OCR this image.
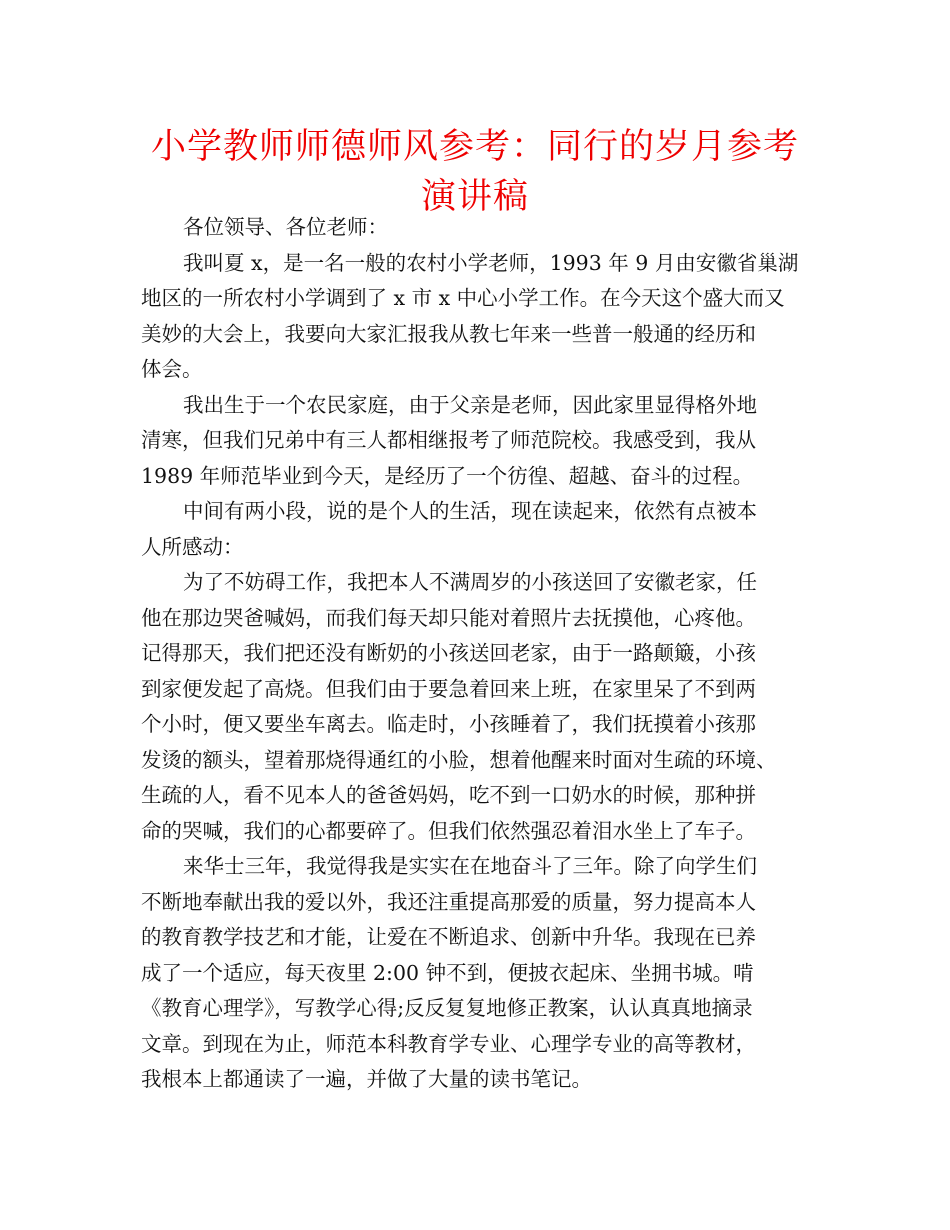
小学教师师德师风参考：同行的岁月参考
演讲稿
各位领导、各位老师：
我叫夏 x，是一名一般的农村小学老师，1993 年 9 月由安徽省巢湖
地区的一所农村小学调到了 x 市 x 中心小学工作。在今天这个盛大而又
美妙的大会上，我要向大家汇报我从教七年来一些普一般通的经历和
体会。
我出生于一个农民家庭，由于父亲是老师，因此家里显得格外地
清寒，但我们兄弟中有三人都相继报考了师范院校。我感受到，我从
1989 年师范毕业到今天，是经历了一个彷徨、超越、奋斗的过程。
中间有两小段，说的是个人的生活，现在读起来，依然有点被本
人所感动：
为了不妨碍工作，我把本人不满周岁的小孩送回了安徽老家，任
他在那边哭爸喊妈，而我们每天却只能对着照片去抚摸他，心疼他。
记得那天，我们把还没有断奶的小孩送回老家，由于一路颠簸，小孩
到家便发起了高烧。但我们由于要急着回来上班，在家里呆了不到两
个小时，便又要坐车离去。临走时，小孩睡着了，我们抚摸着小孩那
发烫的额头，望着那烧得通红的小脸，想着他醒来时面对生疏的环境、
生疏的人，看不见本人的爸爸妈妈，吃不到一口奶水的时候，那种拼
命的哭喊，我们的心都要碎了。但我们依然强忍着泪水坐上了车子。
来华士三年，我觉得我是实实在在地奋斗了三年。除了向学生们
不断地奉献出我的爱以外，我还注重提高那爱的质量，努力提高本人
的教育教学技艺和才能，让爱在不断追求、创新中升华。我现在已养
成了一个适应，每天夜里 2:00 钟不到，便披衣起床、坐拥书城。啃
《教育心理学》，写教学心得;反反复复地修正教案，认认真真地摘录
文章。到现在为止，师范本科教育学专业、心理学专业的高等教材，
我根本上都通读了一遍，并做了大量的读书笔记。
